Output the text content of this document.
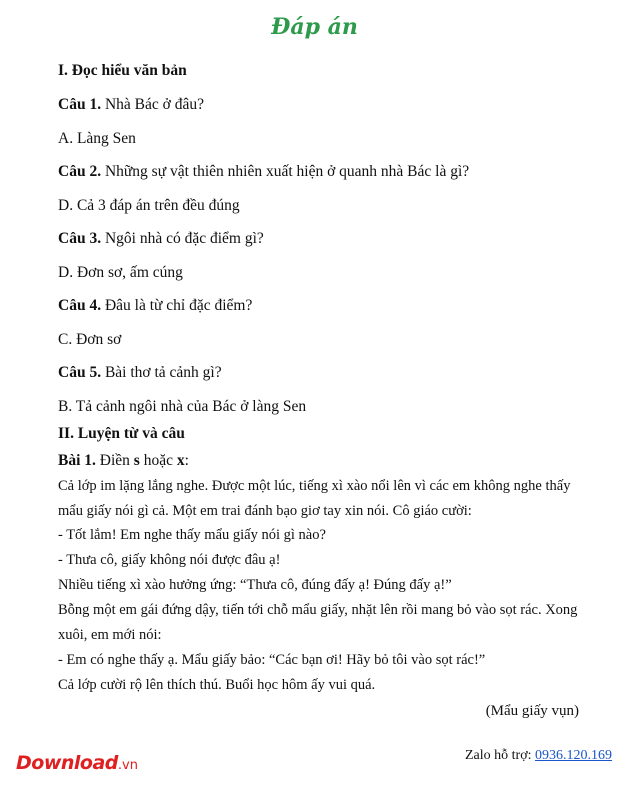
Đáp án
I. Đọc hiểu văn bản
Câu 1. Nhà Bác ở đâu?
A. Làng Sen
Câu 2. Những sự vật thiên nhiên xuất hiện ở quanh nhà Bác là gì?
D. Cả 3 đáp án trên đều đúng
Câu 3. Ngôi nhà có đặc điểm gì?
D. Đơn sơ, ấm cúng
Câu 4. Đâu là từ chỉ đặc điểm?
C. Đơn sơ
Câu 5. Bài thơ tả cảnh gì?
B. Tả cảnh ngôi nhà của Bác ở làng Sen
II. Luyện từ và câu
Bài 1. Điền s hoặc x:
Cả lớp im lặng lắng nghe. Được một lúc, tiếng xì xào nổi lên vì các em không nghe thấy
mẩu giấy nói gì cả. Một em trai đánh bạo giơ tay xin nói. Cô giáo cười:
- Tốt lắm! Em nghe thấy mẩu giấy nói gì nào?
- Thưa cô, giấy không nói được đâu ạ!
Nhiều tiếng xì xào hưởng ứng: “Thưa cô, đúng đấy ạ! Đúng đấy ạ!”
Bỗng một em gái đứng dậy, tiến tới chỗ mẩu giấy, nhặt lên rồi mang bỏ vào sọt rác. Xong
xuôi, em mới nói:
- Em có nghe thấy ạ. Mẩu giấy bảo: “Các bạn ơi! Hãy bỏ tôi vào sọt rác!”
Cả lớp cười rộ lên thích thú. Buổi học hôm ấy vui quá.
(Mẩu giấy vụn)
Download.vn
Zalo hỗ trợ: 0936.120.169
